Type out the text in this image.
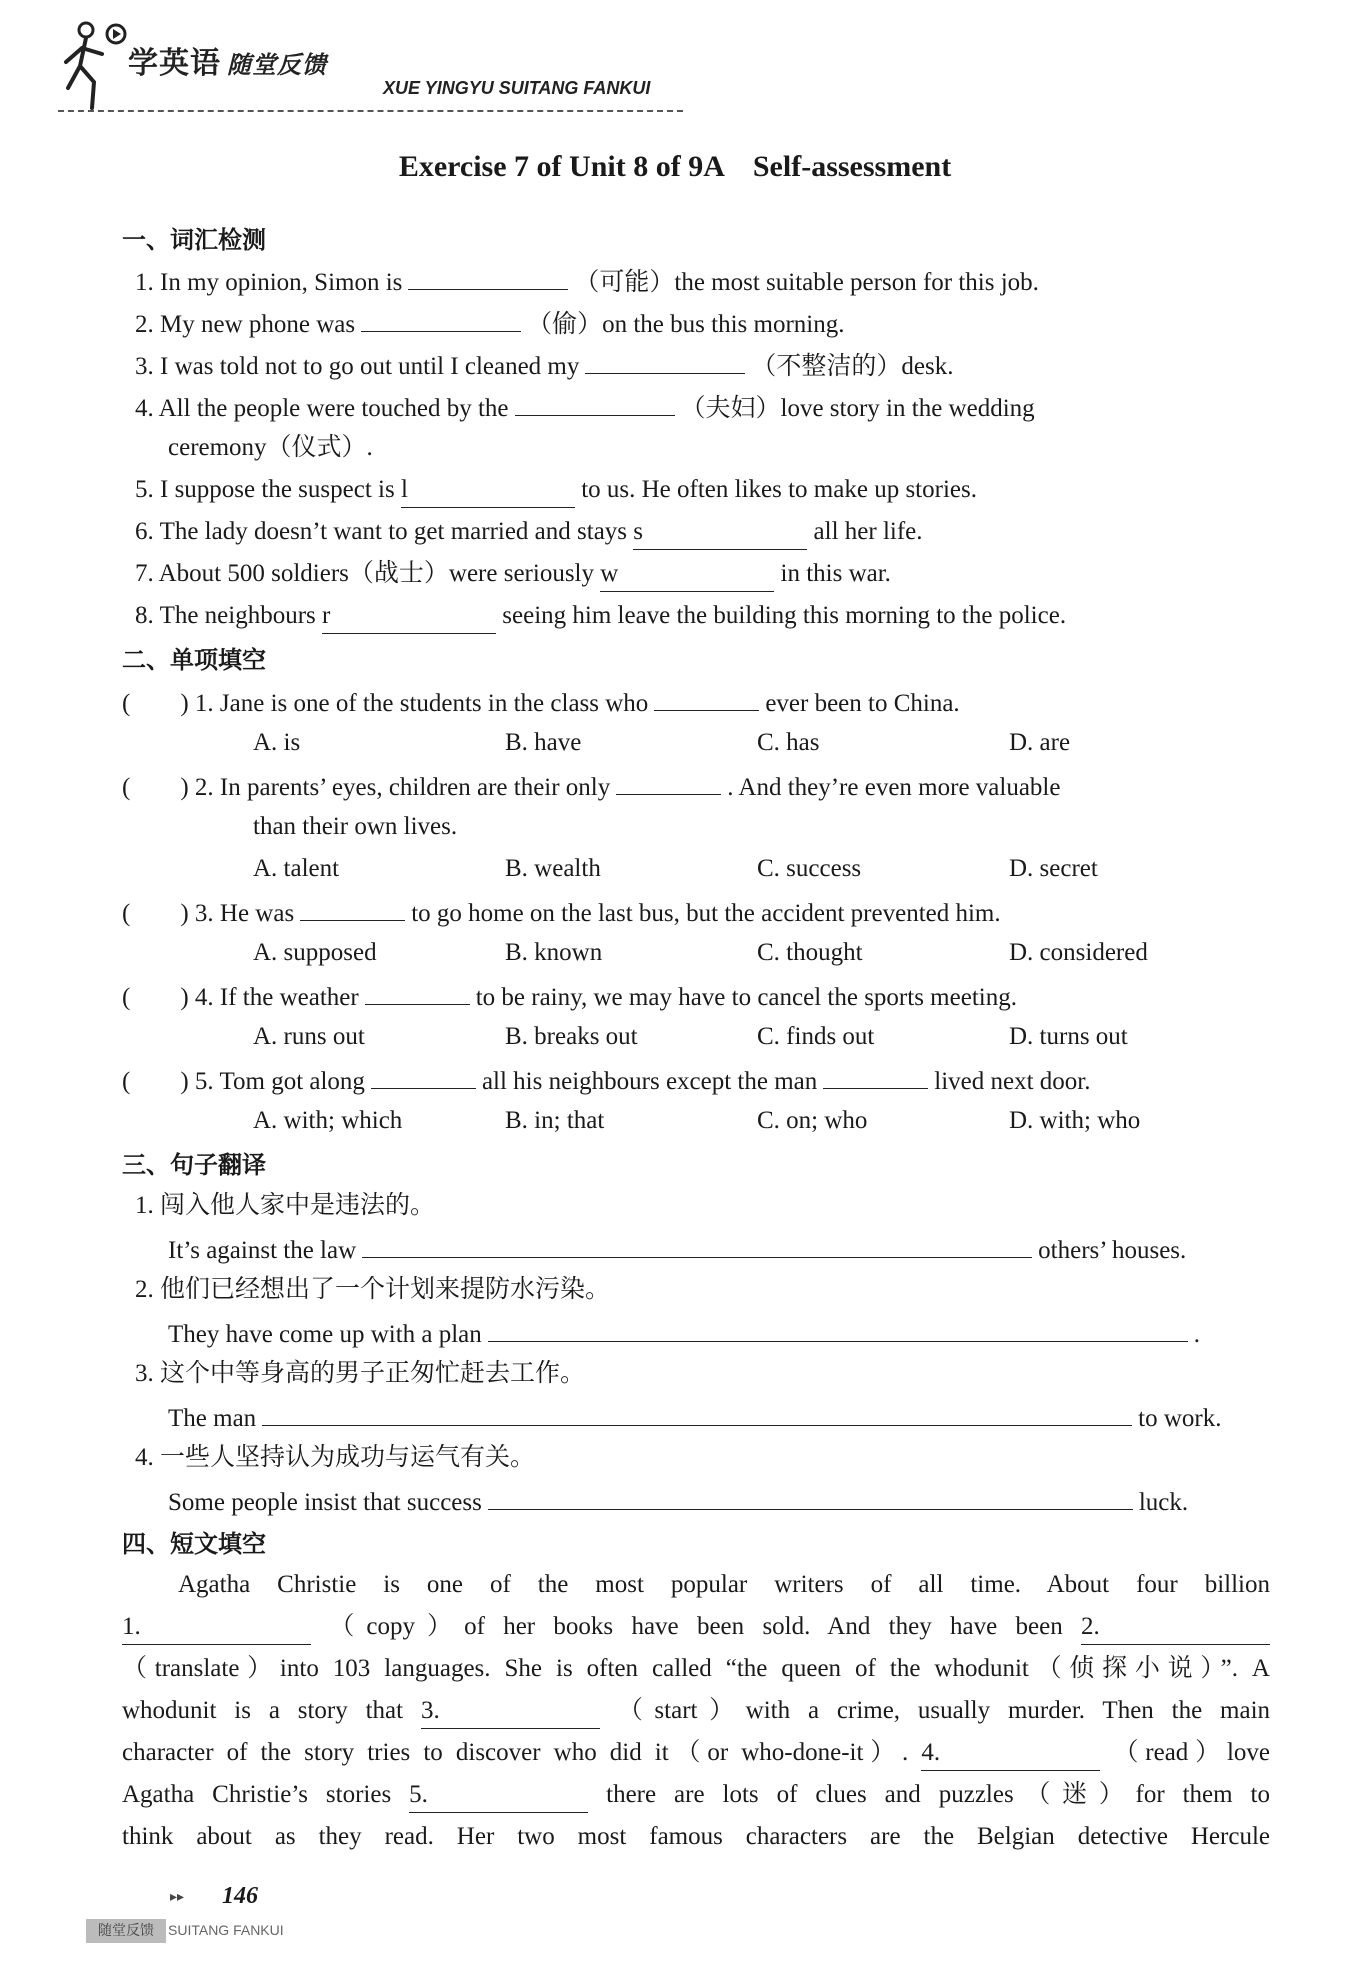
学英语 随堂反馈
XUE YINGYU SUITANG FANKUI
Exercise 7 of Unit 8 of 9A Self-assessment
一、词汇检测
1. In my opinion, Simon is	（可能）the most suitable person for this job.
2. My new phone was	（偷）on the bus this morning.
3. I was told not to go out until I cleaned my	（不整洁的）desk.
4. All the people were touched by the	（夫妇）love story in the wedding
ceremony（仪式）.
5. I suppose the suspect is l	to us. He often likes to make up stories.
6. The lady doesn’t want to get married and stays s	all her life.
7. About 500 soldiers（战士）were seriously w	in this war.
8. The neighbours r	seeing him leave the building this morning to the police.
二、单项填空
(　　) 1. Jane is one of the students in the class who	ever been to China.
A. is	B. have	C. has	D. are
(　　) 2. In parents’ eyes, children are their only	. And they’re even more valuable
than their own lives.
A. talent	B. wealth	C. success	D. secret
(　　) 3. He was	to go home on the last bus, but the accident prevented him.
A. supposed	B. known	C. thought	D. considered
(　　) 4. If the weather	to be rainy, we may have to cancel the sports meeting.
A. runs out	B. breaks out	C. finds out	D. turns out
(　　) 5. Tom got along	all his neighbours except the man	lived next door.
A. with; which	B. in; that	C. on; who	D. with; who
三、句子翻译
1. 闯入他人家中是违法的。
It’s against the law	others’ houses.
2. 他们已经想出了一个计划来提防水污染。
They have come up with a plan	.
3. 这个中等身高的男子正匆忙赶去工作。
The man	to work.
4. 一些人坚持认为成功与运气有关。
Some people insist that success	luck.
四、短文填空
Agatha Christie is one of the most popular writers of all time. About four billion
1.	（copy）of her books have been sold. And they have been 2.
（translate）into 103 languages. She is often called “the queen of the whodunit（侦探小说）”. A
whodunit is a story that 3.	（start）with a crime, usually murder. Then the main
character of the story tries to discover who did it（or who-done-it）. 4.	（read）love
Agatha Christie’s stories 5.	there are lots of clues and puzzles（迷）for them to
think about as they read. Her two most famous characters are the Belgian detective Hercule
▸▸ 146
随堂反馈	SUITANG FANKUI
